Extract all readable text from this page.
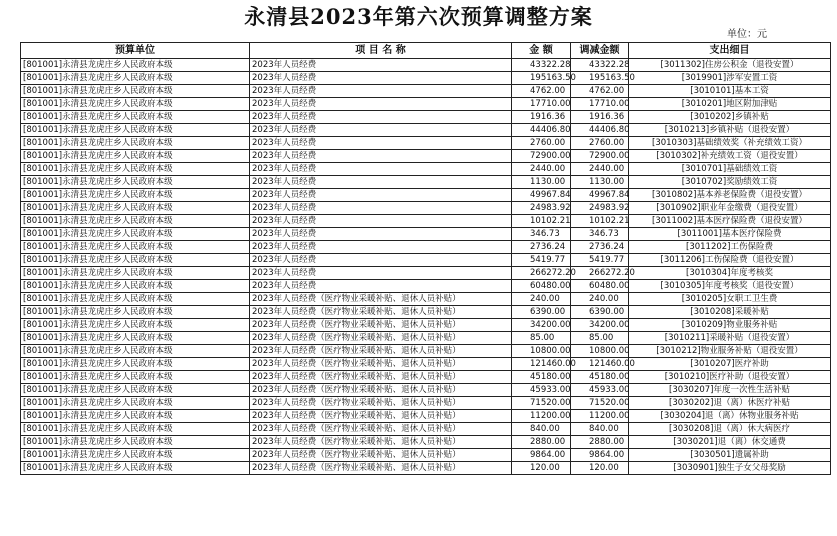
永清县2023年第六次预算调整方案
单位：元
预算单位	项 目 名 称	金 额	调减金额	支出细目
[801001]永清县龙虎庄乡人民政府本级	2023年人员经费	43322.28	43322.28	[3011302]住房公积金（退役安置）
[801001]永清县龙虎庄乡人民政府本级	2023年人员经费	195163.50	195163.50	[3019901]涉军安置工资
[801001]永清县龙虎庄乡人民政府本级	2023年人员经费	4762.00	4762.00	[3010101]基本工资
[801001]永清县龙虎庄乡人民政府本级	2023年人员经费	17710.00	17710.00	[3010201]地区附加津贴
[801001]永清县龙虎庄乡人民政府本级	2023年人员经费	1916.36	1916.36	[3010202]乡镇补贴
[801001]永清县龙虎庄乡人民政府本级	2023年人员经费	44406.80	44406.80	[3010213]乡镇补贴（退役安置）
[801001]永清县龙虎庄乡人民政府本级	2023年人员经费	2760.00	2760.00	[3010303]基础绩效奖（补充绩效工资）
[801001]永清县龙虎庄乡人民政府本级	2023年人员经费	72900.00	72900.00	[3010302]补充绩效工资（退役安置）
[801001]永清县龙虎庄乡人民政府本级	2023年人员经费	2440.00	2440.00	[3010701]基础绩效工资
[801001]永清县龙虎庄乡人民政府本级	2023年人员经费	1130.00	1130.00	[3010702]奖励绩效工资
[801001]永清县龙虎庄乡人民政府本级	2023年人员经费	49967.84	49967.84	[3010802]基本养老保险费（退役安置）
[801001]永清县龙虎庄乡人民政府本级	2023年人员经费	24983.92	24983.92	[3010902]职业年金缴费（退役安置）
[801001]永清县龙虎庄乡人民政府本级	2023年人员经费	10102.21	10102.21	[3011002]基本医疗保险费（退役安置）
[801001]永清县龙虎庄乡人民政府本级	2023年人员经费	346.73	346.73	[3011001]基本医疗保险费
[801001]永清县龙虎庄乡人民政府本级	2023年人员经费	2736.24	2736.24	[3011202]工伤保险费
[801001]永清县龙虎庄乡人民政府本级	2023年人员经费	5419.77	5419.77	[3011206]工伤保险费（退役安置）
[801001]永清县龙虎庄乡人民政府本级	2023年人员经费	266272.20	266272.20	[3010304]年度考核奖
[801001]永清县龙虎庄乡人民政府本级	2023年人员经费	60480.00	60480.00	[3010305]年度考核奖（退役安置）
[801001]永清县龙虎庄乡人民政府本级	2023年人员经费（医疗物业采暖补贴、退休人员补贴）	240.00	240.00	[3010205]女职工卫生费
[801001]永清县龙虎庄乡人民政府本级	2023年人员经费（医疗物业采暖补贴、退休人员补贴）	6390.00	6390.00	[3010208]采暖补贴
[801001]永清县龙虎庄乡人民政府本级	2023年人员经费（医疗物业采暖补贴、退休人员补贴）	34200.00	34200.00	[3010209]物业服务补贴
[801001]永清县龙虎庄乡人民政府本级	2023年人员经费（医疗物业采暖补贴、退休人员补贴）	85.00	85.00	[3010211]采暖补贴（退役安置）
[801001]永清县龙虎庄乡人民政府本级	2023年人员经费（医疗物业采暖补贴、退休人员补贴）	10800.00	10800.00	[3010212]物业服务补贴（退役安置）
[801001]永清县龙虎庄乡人民政府本级	2023年人员经费（医疗物业采暖补贴、退休人员补贴）	121460.00	121460.00	[3010207]医疗补助
[801001]永清县龙虎庄乡人民政府本级	2023年人员经费（医疗物业采暖补贴、退休人员补贴）	45180.00	45180.00	[3010210]医疗补助（退役安置）
[801001]永清县龙虎庄乡人民政府本级	2023年人员经费（医疗物业采暖补贴、退休人员补贴）	45933.00	45933.00	[3030207]年度一次性生活补贴
[801001]永清县龙虎庄乡人民政府本级	2023年人员经费（医疗物业采暖补贴、退休人员补贴）	71520.00	71520.00	[3030202]退（离）休医疗补贴
[801001]永清县龙虎庄乡人民政府本级	2023年人员经费（医疗物业采暖补贴、退休人员补贴）	11200.00	11200.00	[3030204]退（离）休物业服务补贴
[801001]永清县龙虎庄乡人民政府本级	2023年人员经费（医疗物业采暖补贴、退休人员补贴）	840.00	840.00	[3030208]退（离）休大病医疗
[801001]永清县龙虎庄乡人民政府本级	2023年人员经费（医疗物业采暖补贴、退休人员补贴）	2880.00	2880.00	[3030201]退（离）休交通费
[801001]永清县龙虎庄乡人民政府本级	2023年人员经费（医疗物业采暖补贴、退休人员补贴）	9864.00	9864.00	[3030501]遗属补助
[801001]永清县龙虎庄乡人民政府本级	2023年人员经费（医疗物业采暖补贴、退休人员补贴）	120.00	120.00	[3030901]独生子女父母奖励
